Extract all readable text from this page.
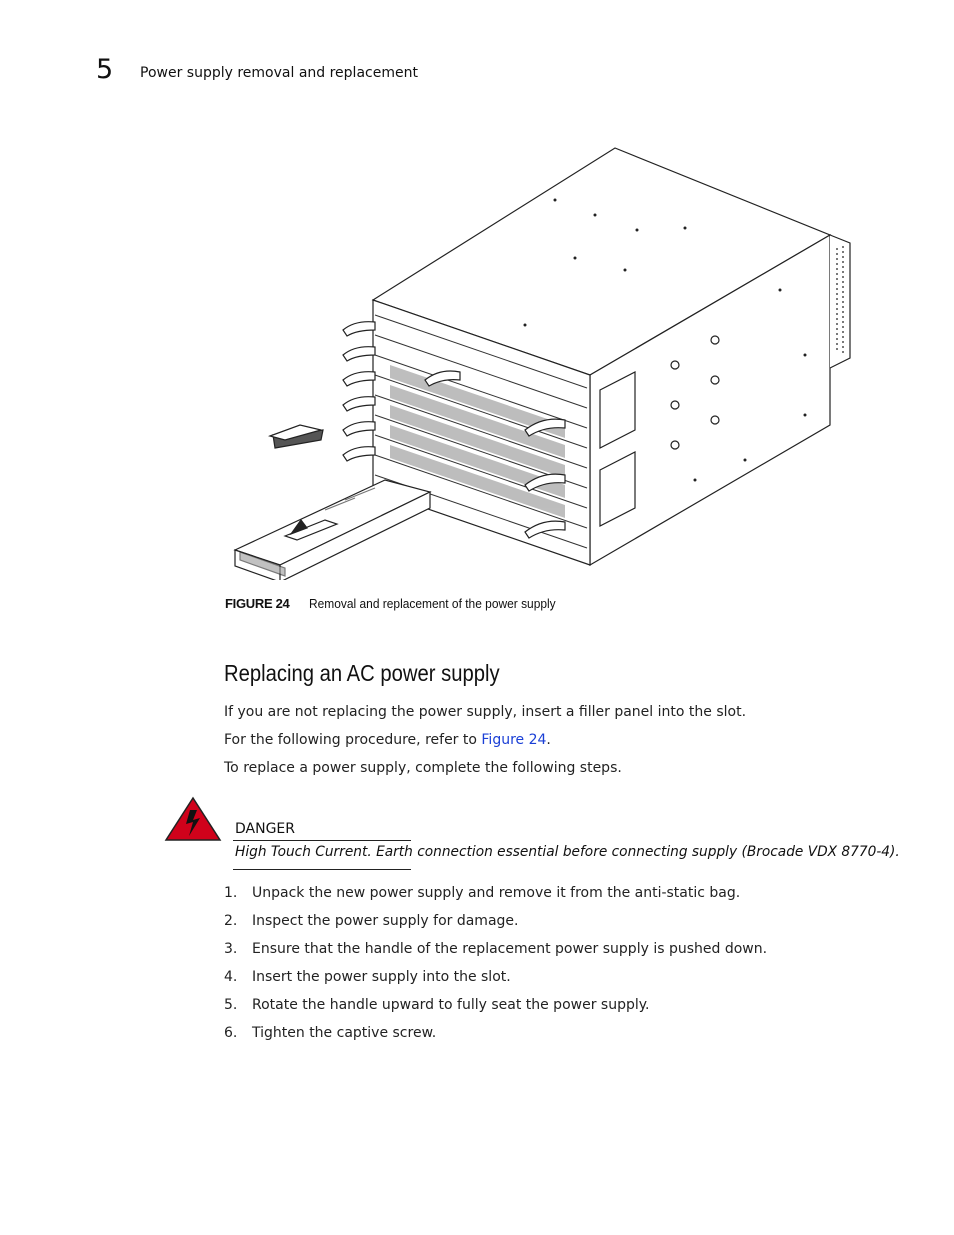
5 Power supply removal and replacement
FIGURE 24 Removal and replacement of the power supply
Replacing an AC power supply

If you are not replacing the power supply, insert a filler panel into the slot.

For the following procedure, refer to Figure 24.

To replace a power supply, complete the following steps.

DANGER
High Touch Current. Earth connection essential before connecting supply (Brocade VDX 8770-4).
1. Unpack the new power supply and remove it from the anti-static bag.
2. Inspect the power supply for damage.
3. Ensure that the handle of the replacement power supply is pushed down.
4. Insert the power supply into the slot.
5. Rotate the handle upward to fully seat the power supply.
6. Tighten the captive screw.
